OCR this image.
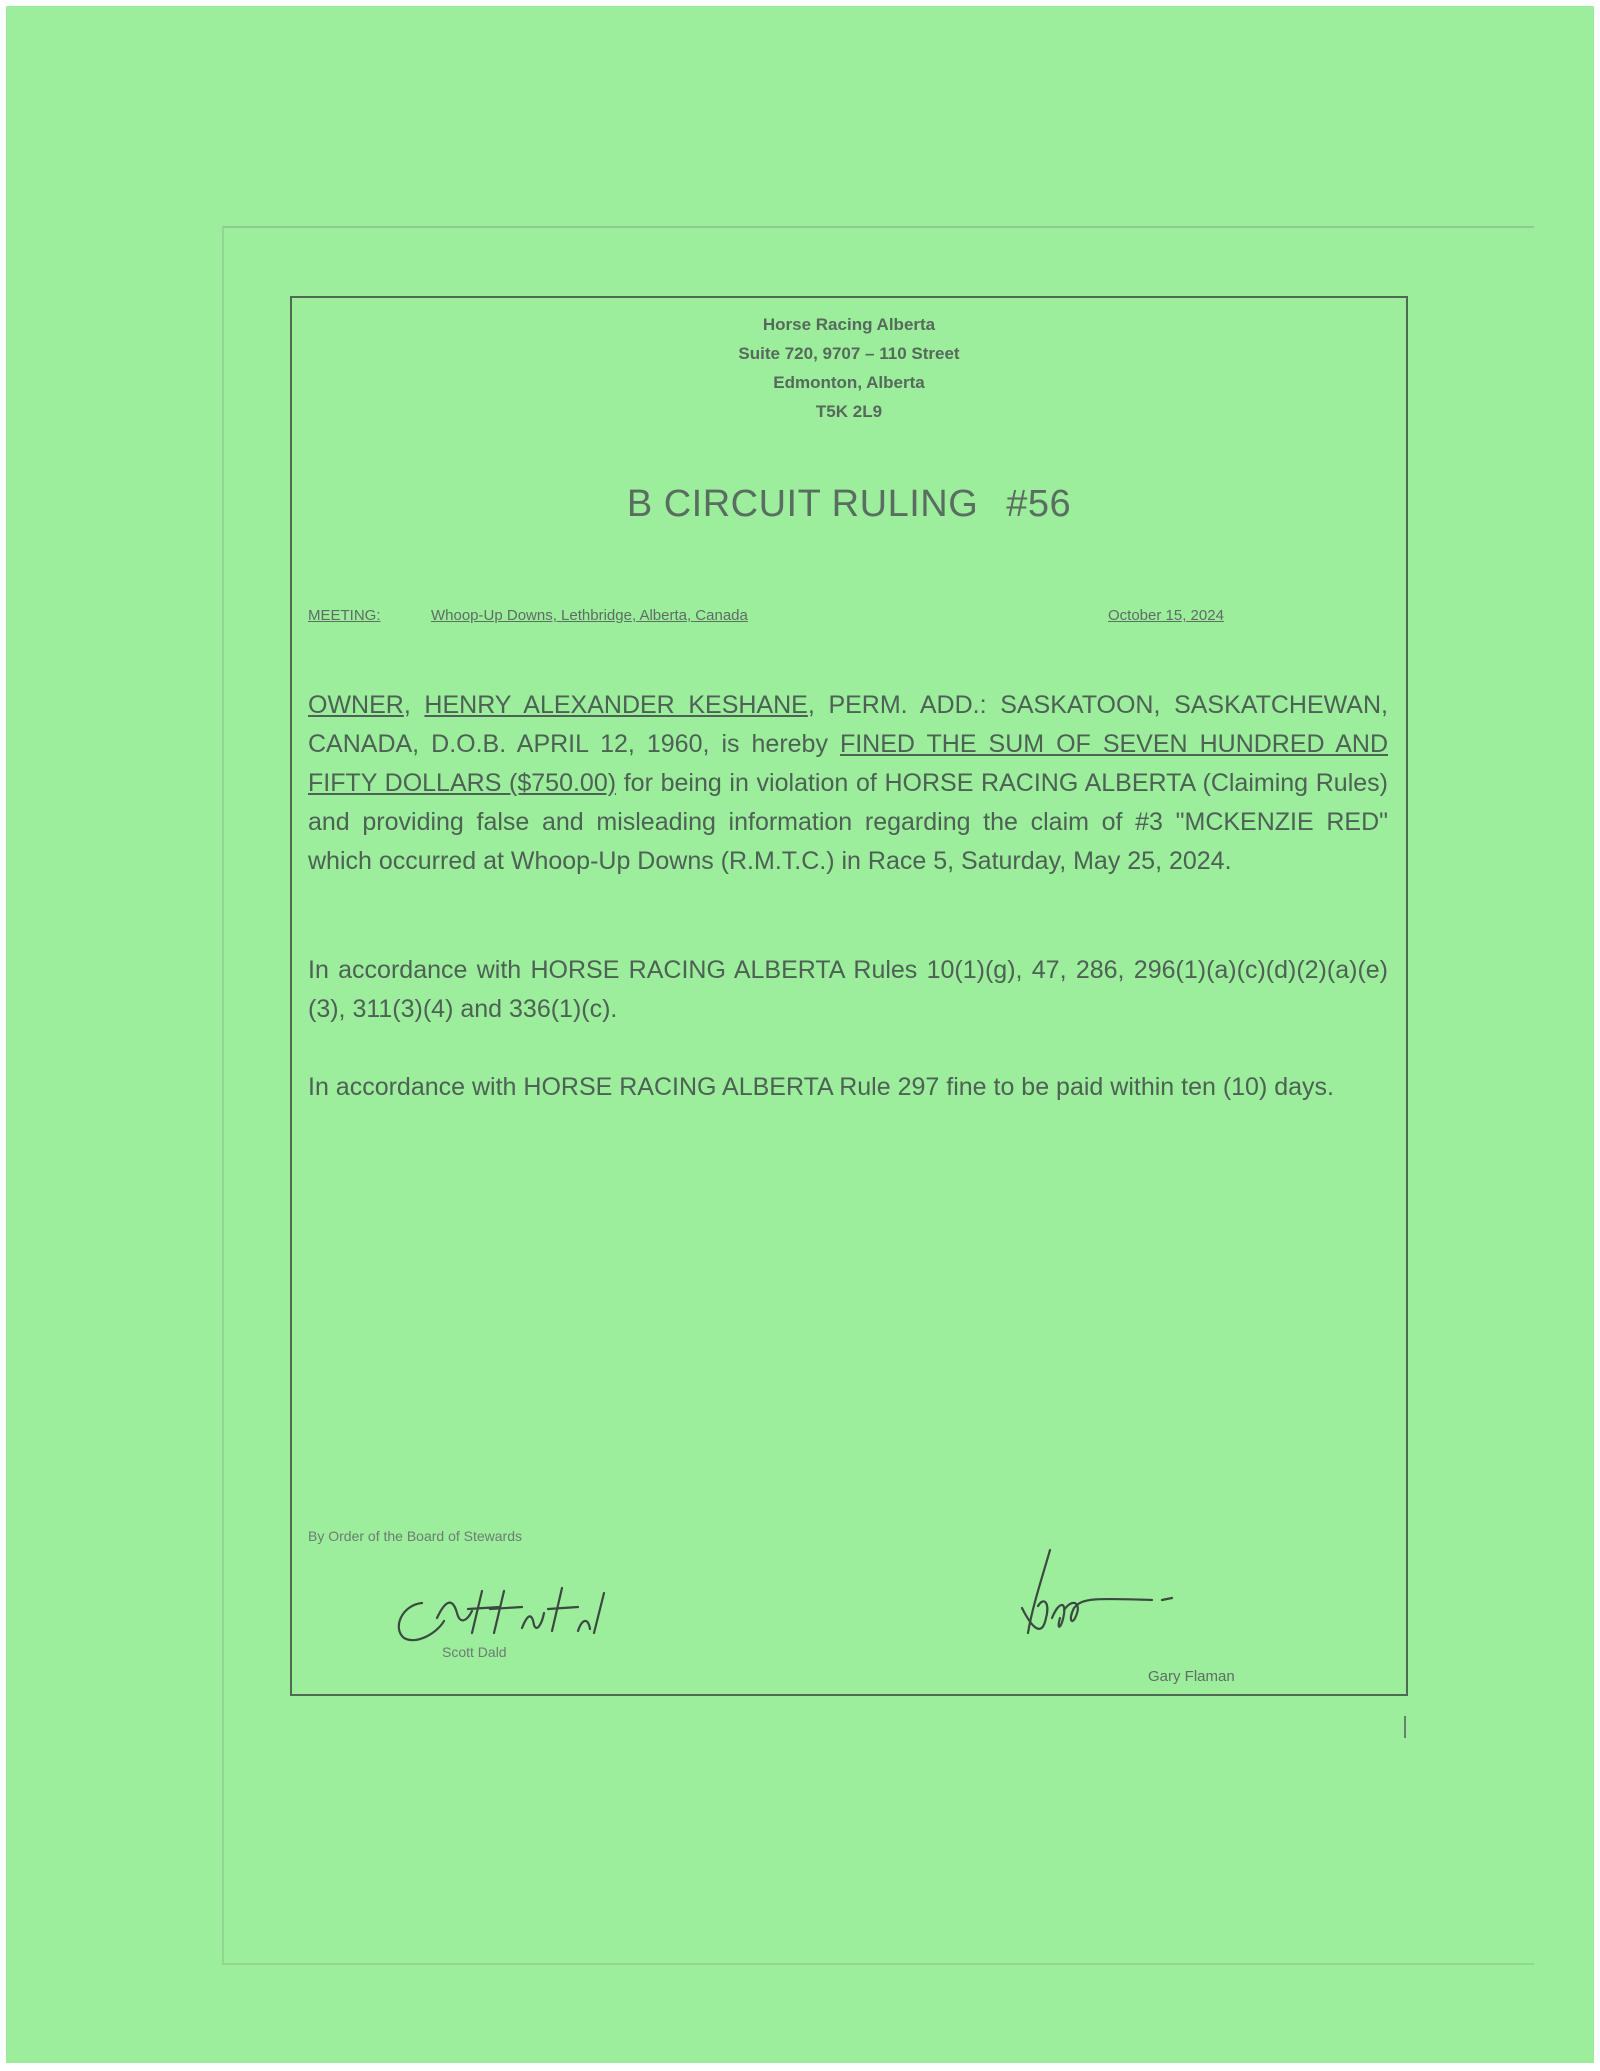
Horse Racing Alberta
Suite 720, 9707 – 110 Street
Edmonton, Alberta
T5K 2L9
B CIRCUIT RULING #56
MEETING:	Whoop-Up Downs, Lethbridge, Alberta, Canada	October 15, 2024
OWNER, HENRY ALEXANDER KESHANE, PERM. ADD.: SASKATOON, SASKATCHEWAN, CANADA, D.O.B. APRIL 12, 1960, is hereby FINED THE SUM OF SEVEN HUNDRED AND FIFTY DOLLARS ($750.00) for being in violation of HORSE RACING ALBERTA (Claiming Rules) and providing false and misleading information regarding the claim of #3 "MCKENZIE RED" which occurred at Whoop-Up Downs (R.M.T.C.) in Race 5, Saturday, May 25, 2024.
In accordance with HORSE RACING ALBERTA Rules 10(1)(g), 47, 286, 296(1)(a)(c)(d)(2)(a)(e)(3), 311(3)(4) and 336(1)(c).
In accordance with HORSE RACING ALBERTA Rule 297 fine to be paid within ten (10) days.
By Order of the Board of Stewards
Scott Dald
Gary Flaman
